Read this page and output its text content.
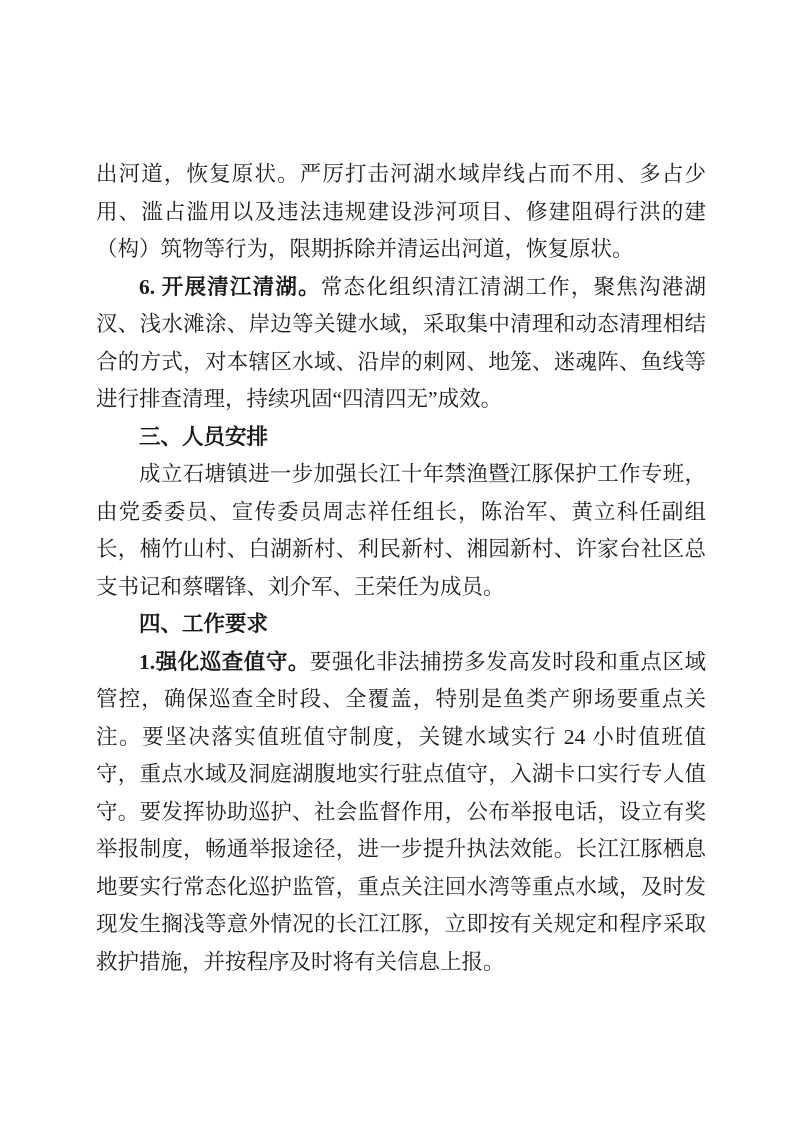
出河道，恢复原状。严厉打击河湖水域岸线占而不用、多占少用、滥占滥用以及违法违规建设涉河项目、修建阻碍行洪的建（构）筑物等行为，限期拆除并清运出河道，恢复原状。

6. 开展清江清湖。常态化组织清江清湖工作，聚焦沟港湖汊、浅水滩涂、岸边等关键水域，采取集中清理和动态清理相结合的方式，对本辖区水域、沿岸的刺网、地笼、迷魂阵、鱼线等进行排查清理，持续巩固“四清四无”成效。

三、人员安排

成立石塘镇进一步加强长江十年禁渔暨江豚保护工作专班，由党委委员、宣传委员周志祥任组长，陈治军、黄立科任副组长，楠竹山村、白湖新村、利民新村、湘园新村、许家台社区总支书记和蔡曙锋、刘介军、王荣任为成员。

四、工作要求

1.强化巡查值守。要强化非法捕捞多发高发时段和重点区域管控，确保巡查全时段、全覆盖，特别是鱼类产卵场要重点关注。要坚决落实值班值守制度，关键水域实行 24 小时值班值守，重点水域及洞庭湖腹地实行驻点值守，入湖卡口实行专人值守。要发挥协助巡护、社会监督作用，公布举报电话，设立有奖举报制度，畅通举报途径，进一步提升执法效能。长江江豚栖息地要实行常态化巡护监管，重点关注回水湾等重点水域，及时发现发生搁浅等意外情况的长江江豚，立即按有关规定和程序采取救护措施，并按程序及时将有关信息上报。
